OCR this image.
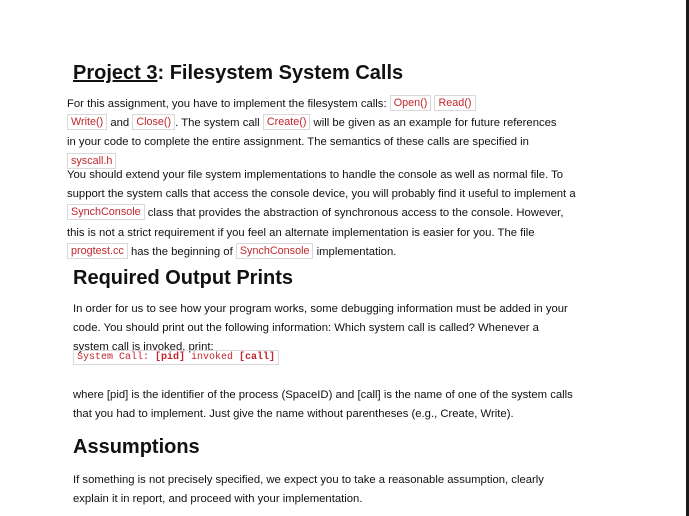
Project 3: Filesystem System Calls
For this assignment, you have to implement the filesystem calls: Open() Read()
Write() and Close() . The system call Create() will be given as an example for future references
in your code to complete the entire assignment. The semantics of these calls are specified in
syscall.h
You should extend your file system implementations to handle the console as well as normal file. To
support the system calls that access the console device, you will probably find it useful to implement a
SynchConsole class that provides the abstraction of synchronous access to the console. However,
this is not a strict requirement if you feel an alternate implementation is easier for you. The file
progtest.cc has the beginning of SynchConsole implementation.
Required Output Prints
In order for us to see how your program works, some debugging information must be added in your
code. You should print out the following information: Which system call is called? Whenever a
system call is invoked, print:
System Call: [pid] invoked [call]
where [pid] is the identifier of the process (SpaceID) and [call] is the name of one of the system calls
that you had to implement. Just give the name without parentheses (e.g., Create, Write).
Assumptions
If something is not precisely specified, we expect you to take a reasonable assumption, clearly
explain it in report, and proceed with your implementation.
